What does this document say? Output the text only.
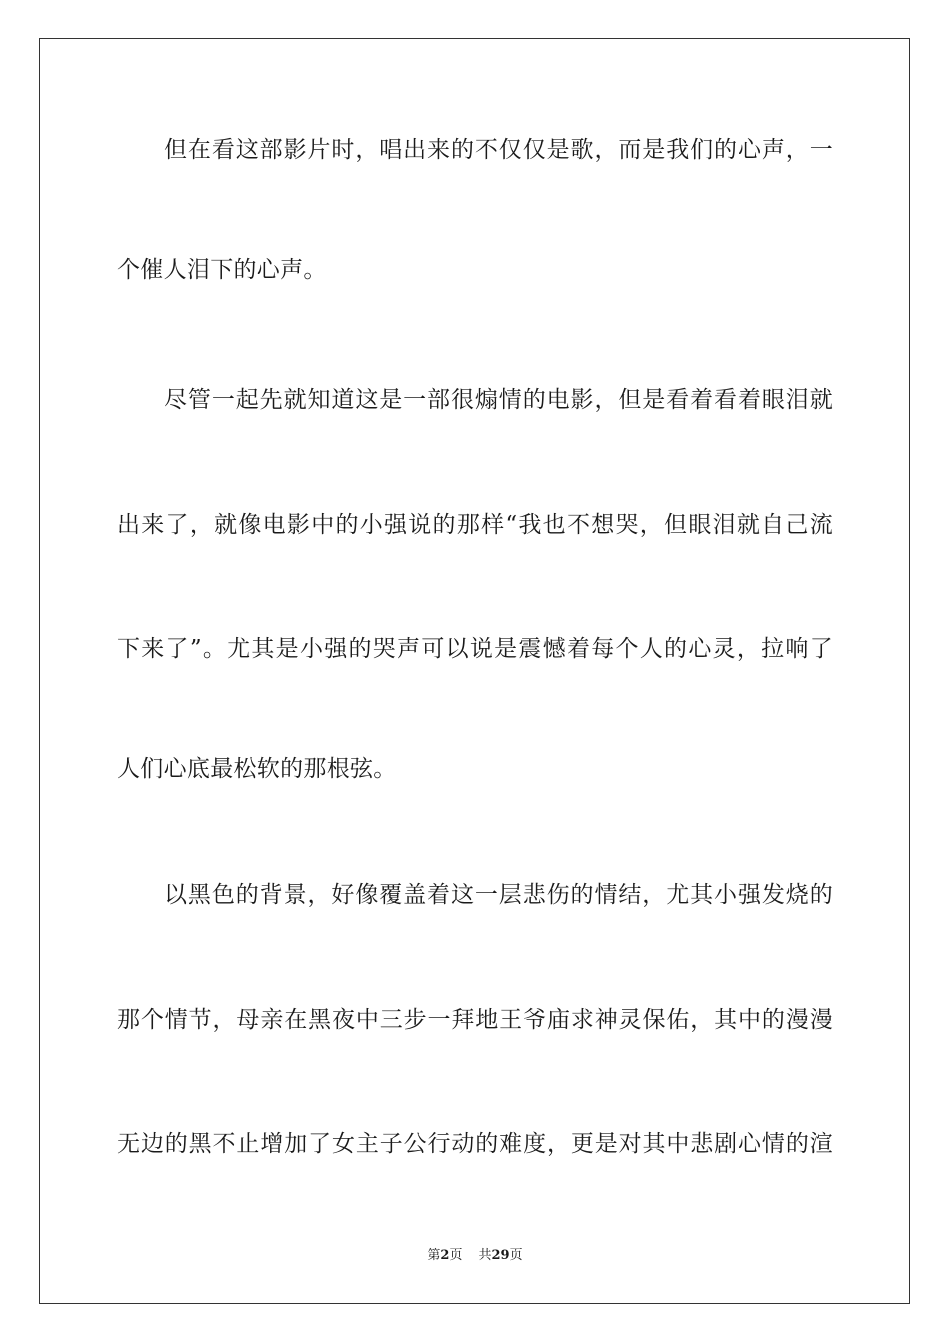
但在看这部影片时，唱出来的不仅仅是歌，而是我们的心声，一
个催人泪下的心声。
尽管一起先就知道这是一部很煽情的电影，但是看着看着眼泪就
出来了，就像电影中的小强说的那样“我也不想哭，但眼泪就自己流
下来了”。尤其是小强的哭声可以说是震憾着每个人的心灵，拉响了
人们心底最松软的那根弦。
以黑色的背景，好像覆盖着这一层悲伤的情结，尤其小强发烧的
那个情节，母亲在黑夜中三步一拜地王爷庙求神灵保佑，其中的漫漫
无边的黑不止增加了女主子公行动的难度，更是对其中悲剧心情的渲
第2页 共29页
